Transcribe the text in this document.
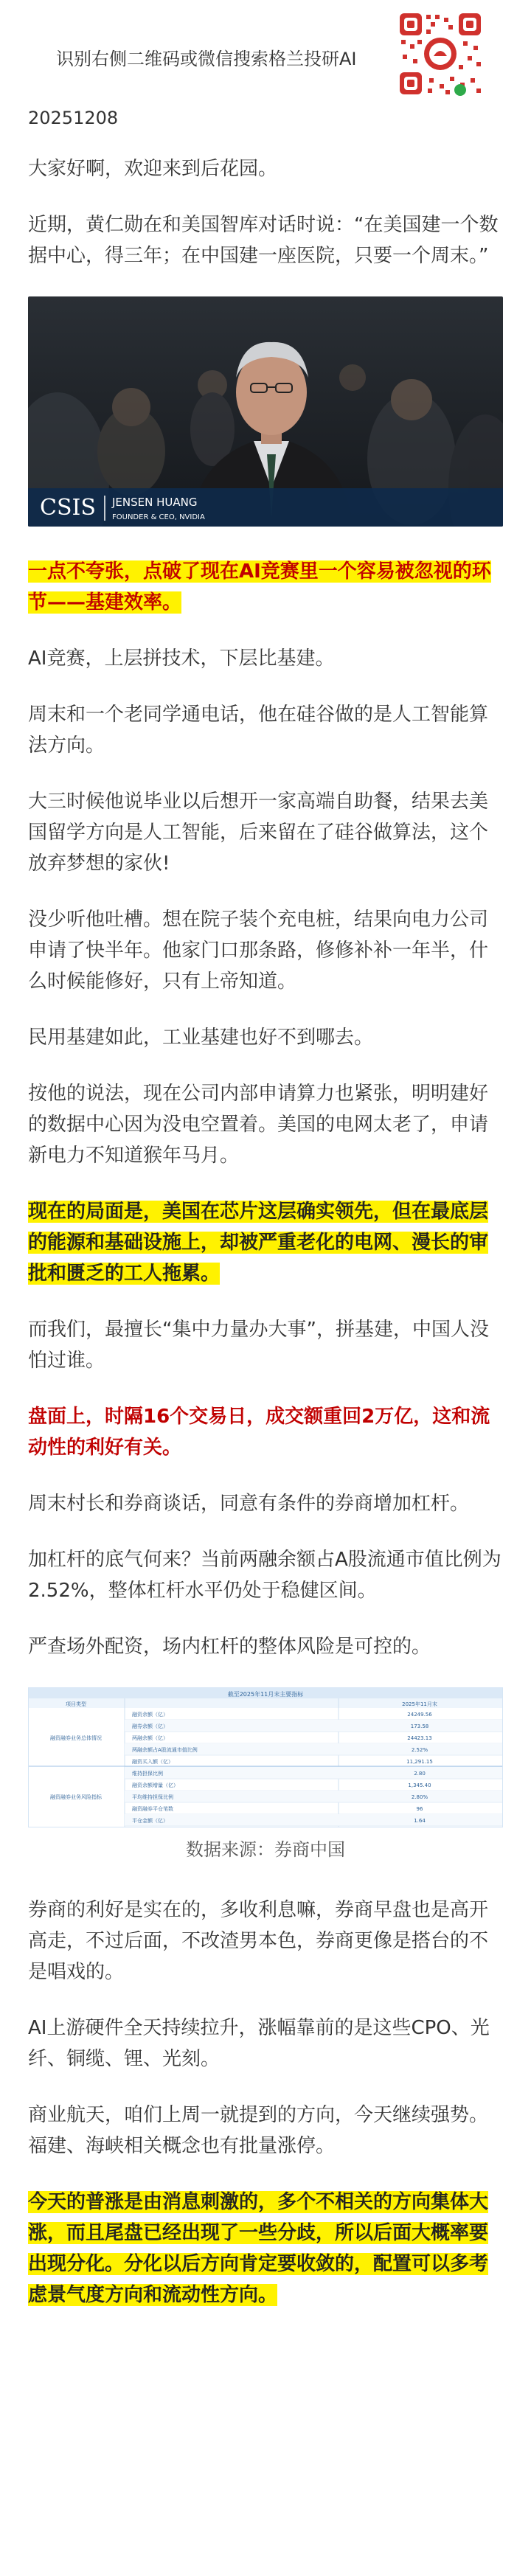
识别右侧二维码或微信搜索格兰投研AI
20251208
大家好啊，欢迎来到后花园。
近期，黄仁勋在和美国智库对话时说：“在美国建一个数据中心，得三年；在中国建一座医院，只要一个周末。”
CSIS JENSEN HUANG
FOUNDER & CEO, NVIDIA
一点不夸张，点破了现在AI竞赛里一个容易被忽视的环节——基建效率。
AI竞赛，上层拼技术，下层比基建。
周末和一个老同学通电话，他在硅谷做的是人工智能算法方向。
大三时候他说毕业以后想开一家高端自助餐，结果去美国留学方向是人工智能，后来留在了硅谷做算法，这个放弃梦想的家伙!
没少听他吐槽。想在院子装个充电桩，结果向电力公司申请了快半年。他家门口那条路，修修补补一年半，什么时候能修好，只有上帝知道。
民用基建如此，工业基建也好不到哪去。
按他的说法，现在公司内部申请算力也紧张，明明建好的数据中心因为没电空置着。美国的电网太老了，申请新电力不知道猴年马月。
现在的局面是，美国在芯片这层确实领先，但在最底层的能源和基础设施上，却被严重老化的电网、漫长的审批和匮乏的工人拖累。
而我们，最擅长“集中力量办大事”，拼基建，中国人没怕过谁。
盘面上，时隔16个交易日，成交额重回2万亿，这和流动性的利好有关。
周末村长和券商谈话，同意有条件的券商增加杠杆。
加杠杆的底气何来？当前两融余额占A股流通市值比例为2.52%，整体杠杆水平仍处于稳健区间。
严查场外配资，场内杠杆的整体风险是可控的。
截至2025年11月末主要指标
项目类型	2025年11月末
融资融券业务总体情况
融资融券业务风险指标
融资余额（亿）	24249.56
融券余额（亿）	173.58
两融余额（亿）	24423.13
两融余额占A股流通市值比例	2.52%
融资买入额（亿）	11,291.15
维持担保比例	2.80
融资余额增量（亿）	1,345.40
平均维持担保比例	2.80%
融资融券平仓笔数	96
平仓金额（亿）	1.64
数据来源：券商中国
券商的利好是实在的，多收利息嘛，券商早盘也是高开高走，不过后面，不改渣男本色，券商更像是搭台的不是唱戏的。
AI上游硬件全天持续拉升，涨幅靠前的是这些CPO、光纤、铜缆、锂、光刻。
商业航天，咱们上周一就提到的方向，今天继续强势。福建、海峡相关概念也有批量涨停。
今天的普涨是由消息刺激的，多个不相关的方向集体大涨，而且尾盘已经出现了一些分歧，所以后面大概率要出现分化。分化以后方向肯定要收敛的，配置可以多考虑景气度方向和流动性方向。
